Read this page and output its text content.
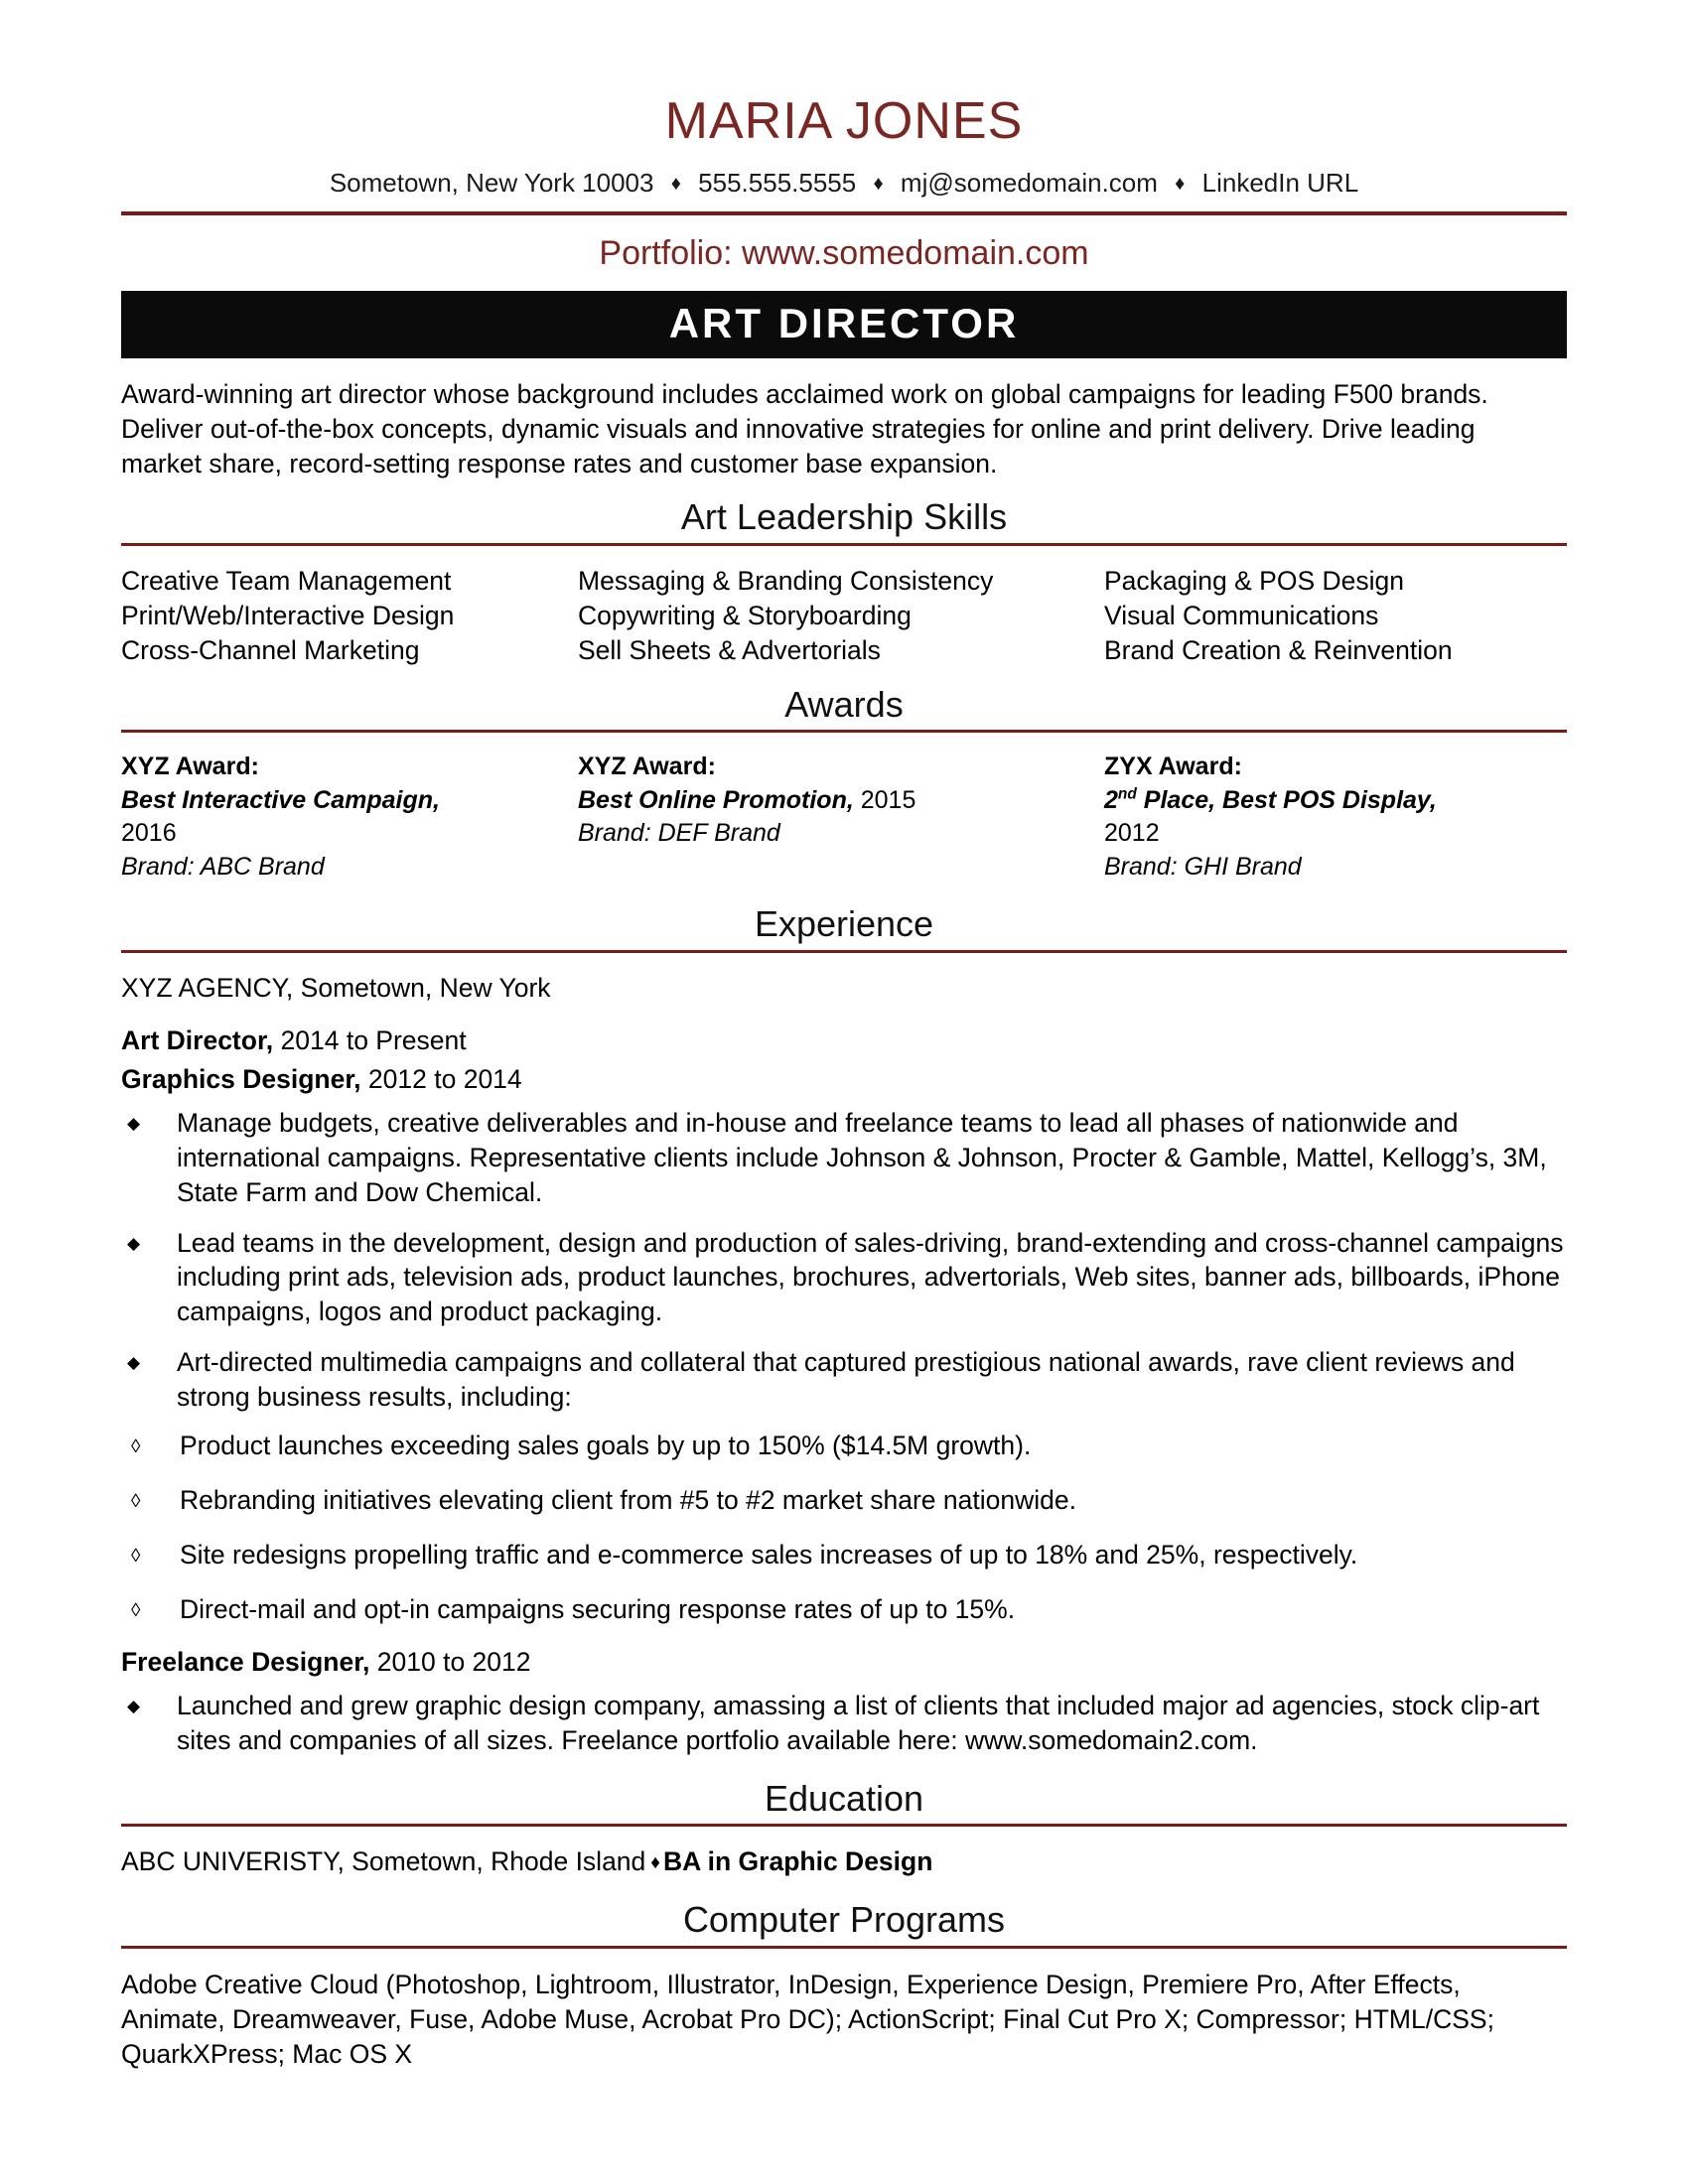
MARIA JONES
Sometown, New York 10003 ♦ 555.555.5555 ♦ mj@somedomain.com ♦ LinkedIn URL
Portfolio: www.somedomain.com
ART DIRECTOR
Award-winning art director whose background includes acclaimed work on global campaigns for leading F500 brands. Deliver out-of-the-box concepts, dynamic visuals and innovative strategies for online and print delivery. Drive leading market share, record-setting response rates and customer base expansion.
Art Leadership Skills
Creative Team Management
Print/Web/Interactive Design
Cross-Channel Marketing
Messaging & Branding Consistency
Copywriting & Storyboarding
Sell Sheets & Advertorials
Packaging & POS Design
Visual Communications
Brand Creation & Reinvention
Awards
XYZ Award:
Best Interactive Campaign,
2016
Brand: ABC Brand
XYZ Award:
Best Online Promotion, 2015
Brand: DEF Brand
ZYX Award:
2nd Place, Best POS Display,
2012
Brand: GHI Brand
Experience
XYZ AGENCY, Sometown, New York
Art Director, 2014 to Present
Graphics Designer, 2012 to 2014
◆ Manage budgets, creative deliverables and in-house and freelance teams to lead all phases of nationwide and international campaigns. Representative clients include Johnson & Johnson, Procter & Gamble, Mattel, Kellogg’s, 3M, State Farm and Dow Chemical.
◆ Lead teams in the development, design and production of sales-driving, brand-extending and cross-channel campaigns including print ads, television ads, product launches, brochures, advertorials, Web sites, banner ads, billboards, iPhone campaigns, logos and product packaging.
◆ Art-directed multimedia campaigns and collateral that captured prestigious national awards, rave client reviews and strong business results, including:
◊ Product launches exceeding sales goals by up to 150% ($14.5M growth).
◊ Rebranding initiatives elevating client from #5 to #2 market share nationwide.
◊ Site redesigns propelling traffic and e-commerce sales increases of up to 18% and 25%, respectively.
◊ Direct-mail and opt-in campaigns securing response rates of up to 15%.
Freelance Designer, 2010 to 2012
◆ Launched and grew graphic design company, amassing a list of clients that included major ad agencies, stock clip-art sites and companies of all sizes. Freelance portfolio available here: www.somedomain2.com.
Education
ABC UNIVERISTY, Sometown, Rhode Island ♦ BA in Graphic Design
Computer Programs
Adobe Creative Cloud (Photoshop, Lightroom, Illustrator, InDesign, Experience Design, Premiere Pro, After Effects, Animate, Dreamweaver, Fuse, Adobe Muse, Acrobat Pro DC); ActionScript; Final Cut Pro X; Compressor; HTML/CSS; QuarkXPress; Mac OS X
